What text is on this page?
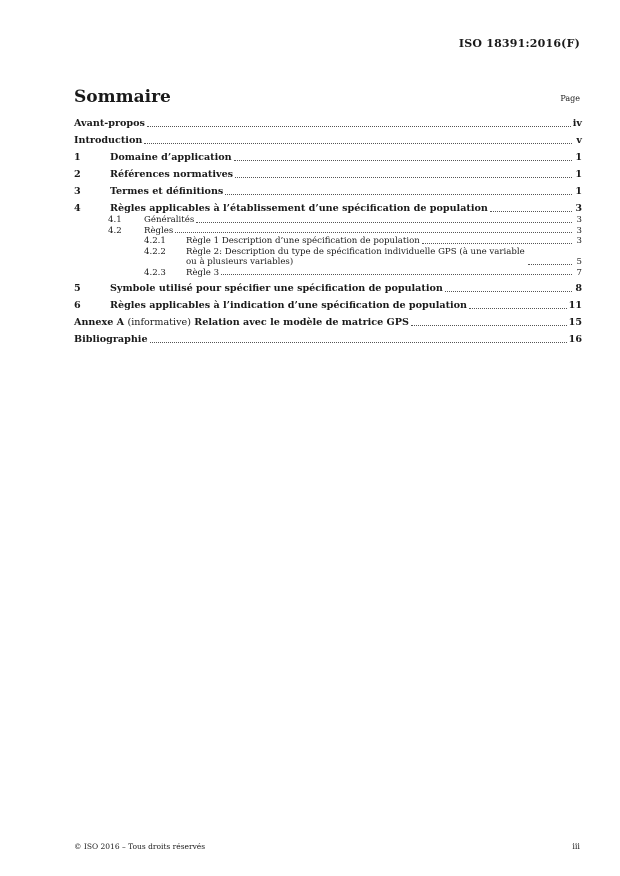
ISO 18391:2016(F)
Sommaire	Page
Avant-propos	iv
Introduction	v
1	Domaine d’application	1
2	Références normatives	1
3	Termes et définitions	1
4	Règles applicables à l’établissement d’une spécification de population	3
4.1	Généralités	3
4.2	Règles	3
4.2.1	Règle 1 Description d’une spécification de population	3
4.2.2	Règle 2: Description du type de spécification individuelle GPS (à une variable ou à plusieurs variables)	5
4.2.3	Règle 3	7
5	Symbole utilisé pour spécifier une spécification de population	8
6	Règles applicables à l’indication d’une spécification de population	11
Annexe A (informative) Relation avec le modèle de matrice GPS	15
Bibliographie	16
© ISO 2016 – Tous droits réservés	iii
